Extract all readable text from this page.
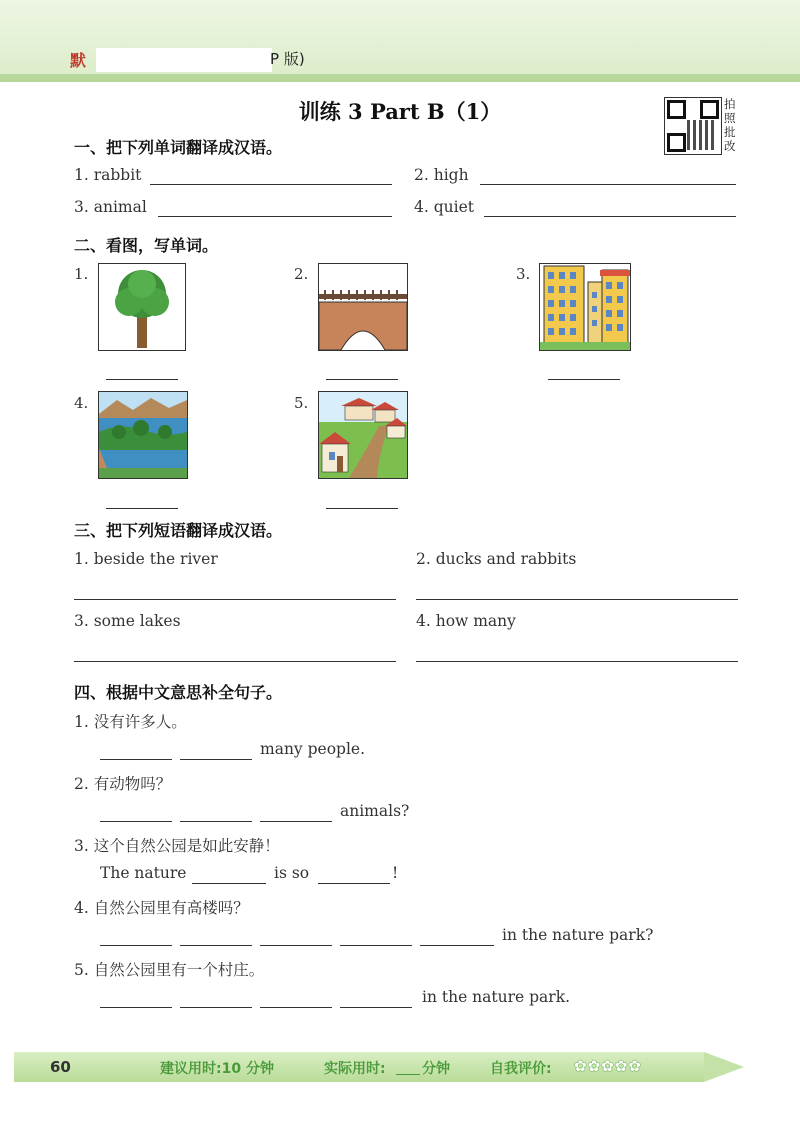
默	P 版)
训练 3 Part B（1）	拍
照
批
改
一、把下列单词翻译成汉语。
1. rabbit	2. high
3. animal	4. quiet
二、看图，写单词。
1.	2.	3.
4.	5.
三、把下列短语翻译成汉语。
1. beside the river	2. ducks and rabbits
3. some lakes	4. how many
四、根据中文意思补全句子。
1. 没有许多人。
many people.
2. 有动物吗？
animals?
3. 这个自然公园是如此安静！
The nature	is so	!
4. 自然公园里有高楼吗？
in the nature park?
5. 自然公园里有一个村庄。
in the nature park.
60	建议用时:10 分钟	实际用时:	分钟	自我评价: ✿✿✿✿✿
